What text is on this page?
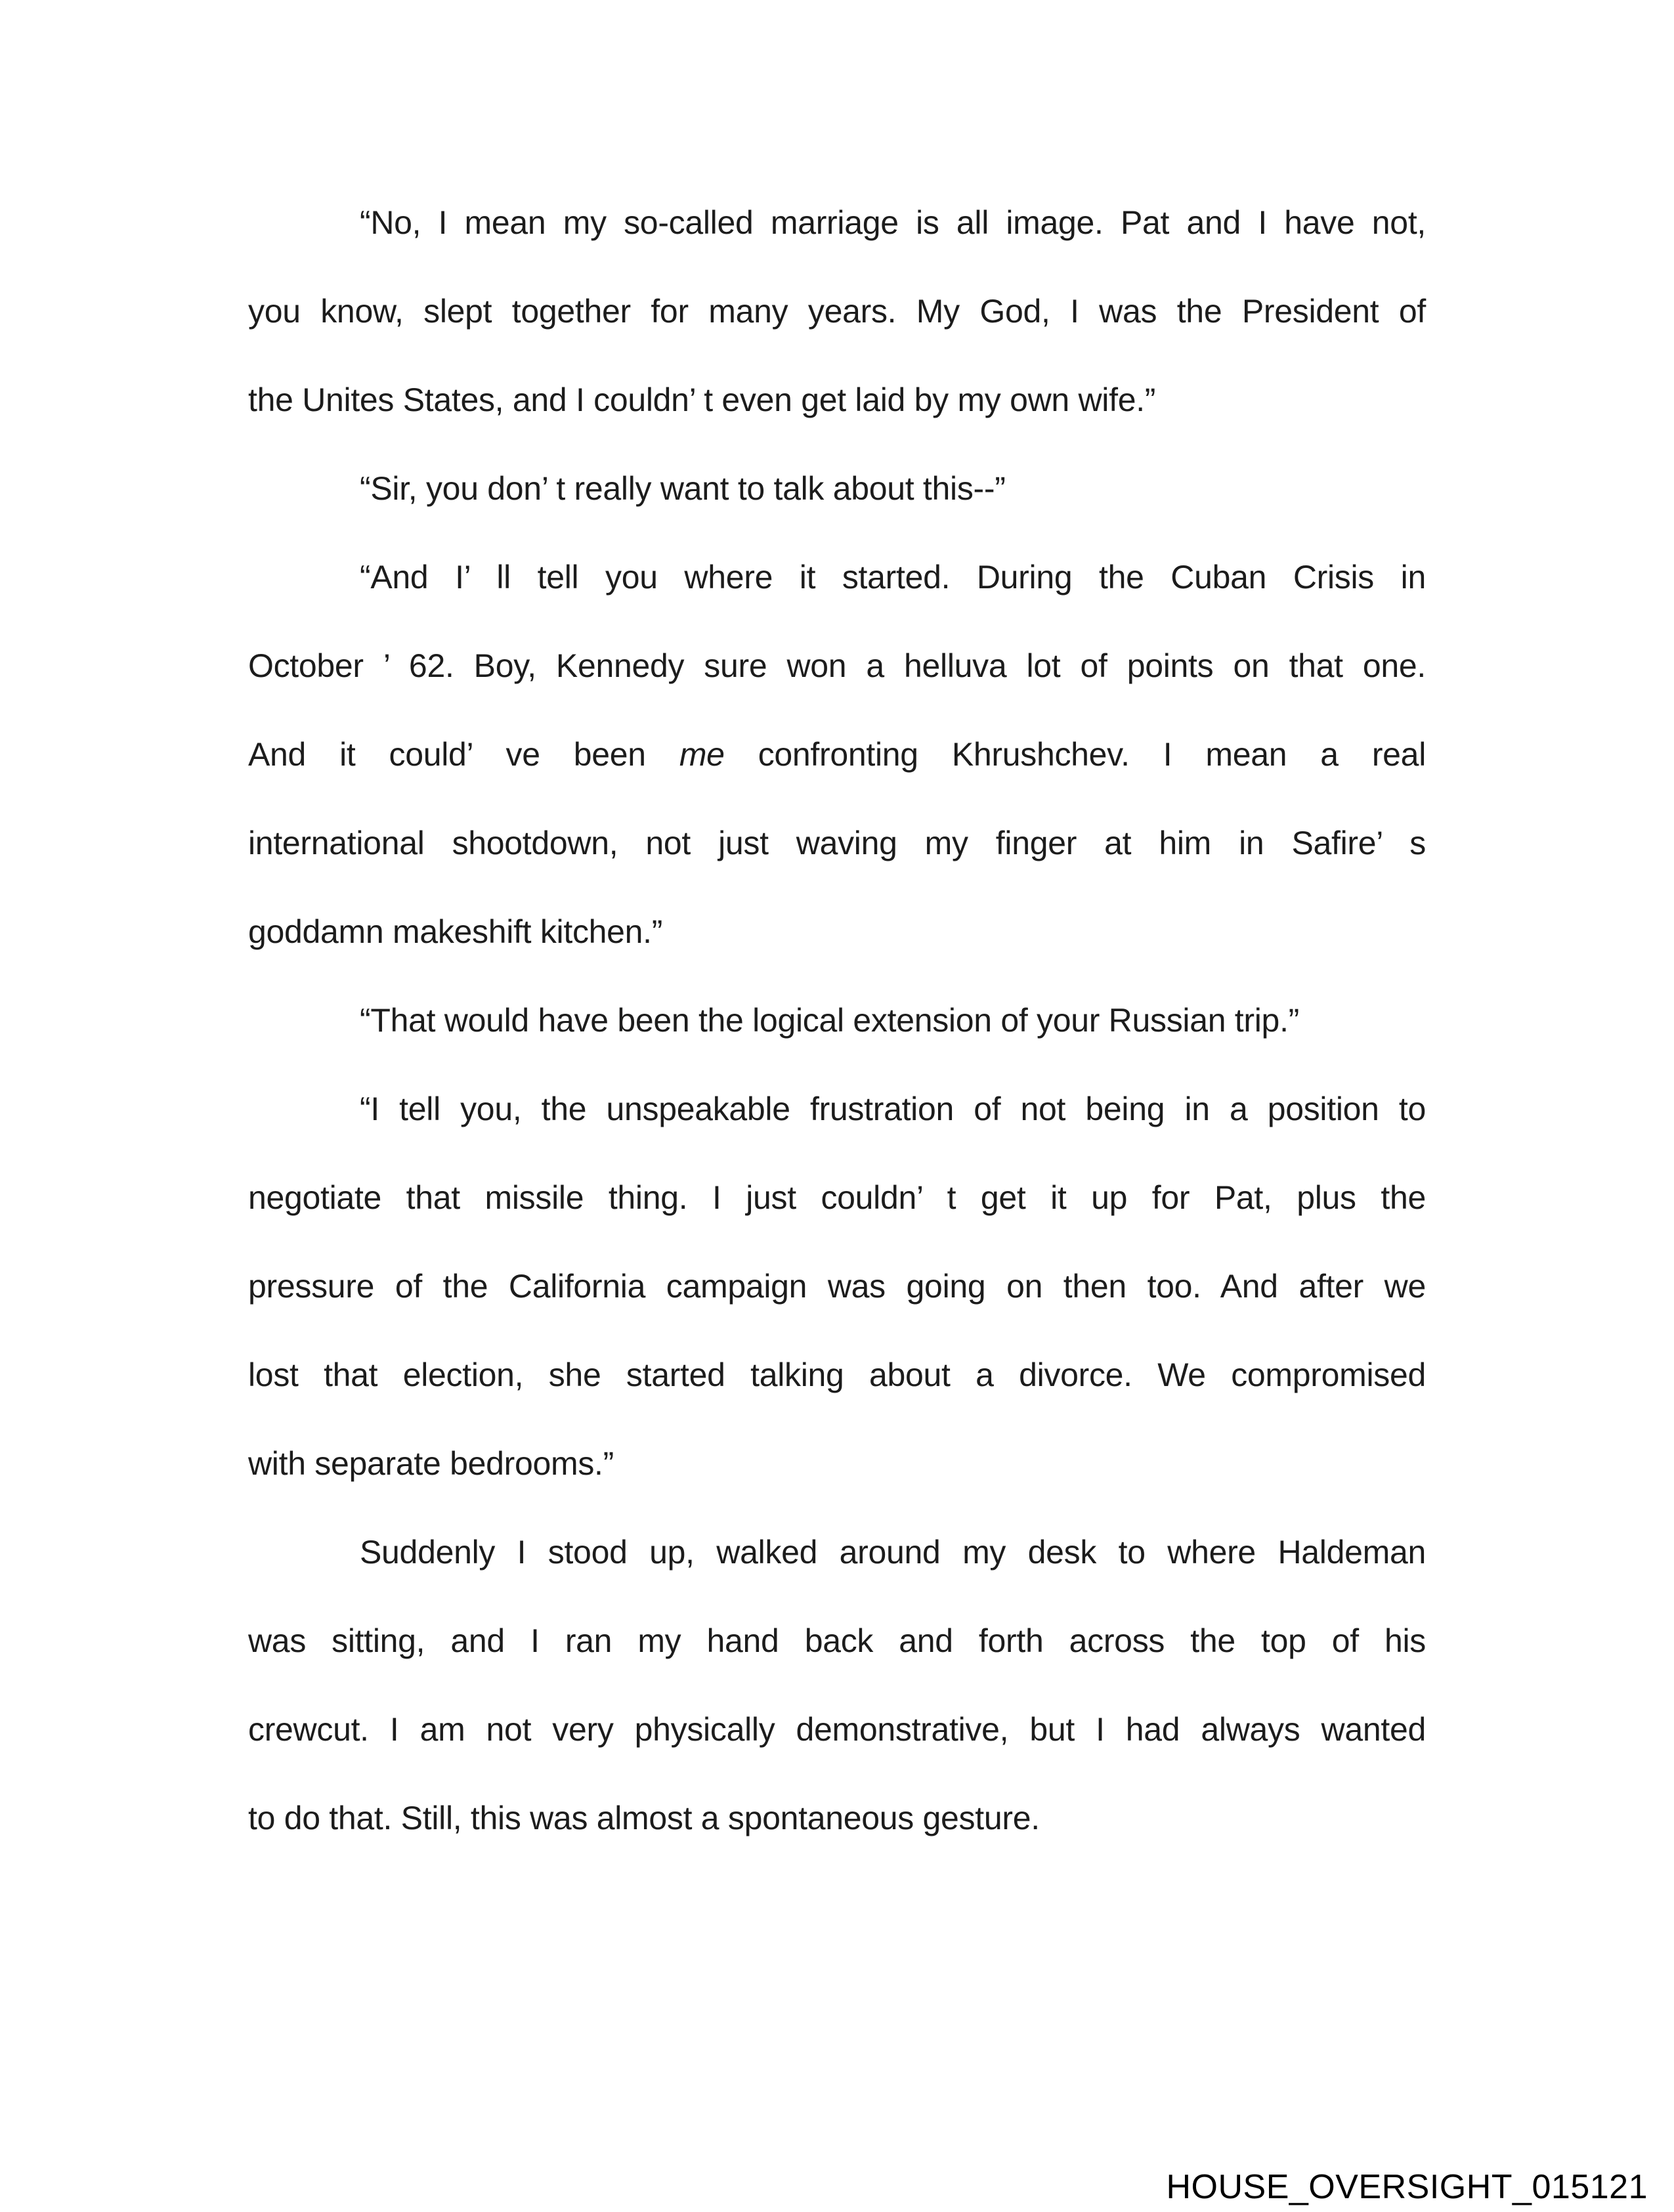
“No, I mean my so-called marriage is all image. Pat and I have not,
you know, slept together for many years. My God, I was the President of
the Unites States, and I couldn’ t even get laid by my own wife.”
“Sir, you don’ t really want to talk about this--”
“And I’ ll tell you where it started. During the Cuban Crisis in
October ’ 62. Boy, Kennedy sure won a helluva lot of points on that one.
And it could’ ve been me confronting Khrushchev. I mean a real
international shootdown, not just waving my finger at him in Safire’ s
goddamn makeshift kitchen.”
“That would have been the logical extension of your Russian trip.”
“I tell you, the unspeakable frustration of not being in a position to
negotiate that missile thing. I just couldn’ t get it up for Pat, plus the
pressure of the California campaign was going on then too. And after we
lost that election, she started talking about a divorce. We compromised
with separate bedrooms.”
Suddenly I stood up, walked around my desk to where Haldeman
was sitting, and I ran my hand back and forth across the top of his
crewcut. I am not very physically demonstrative, but I had always wanted
to do that. Still, this was almost a spontaneous gesture.
HOUSE_OVERSIGHT_015121
